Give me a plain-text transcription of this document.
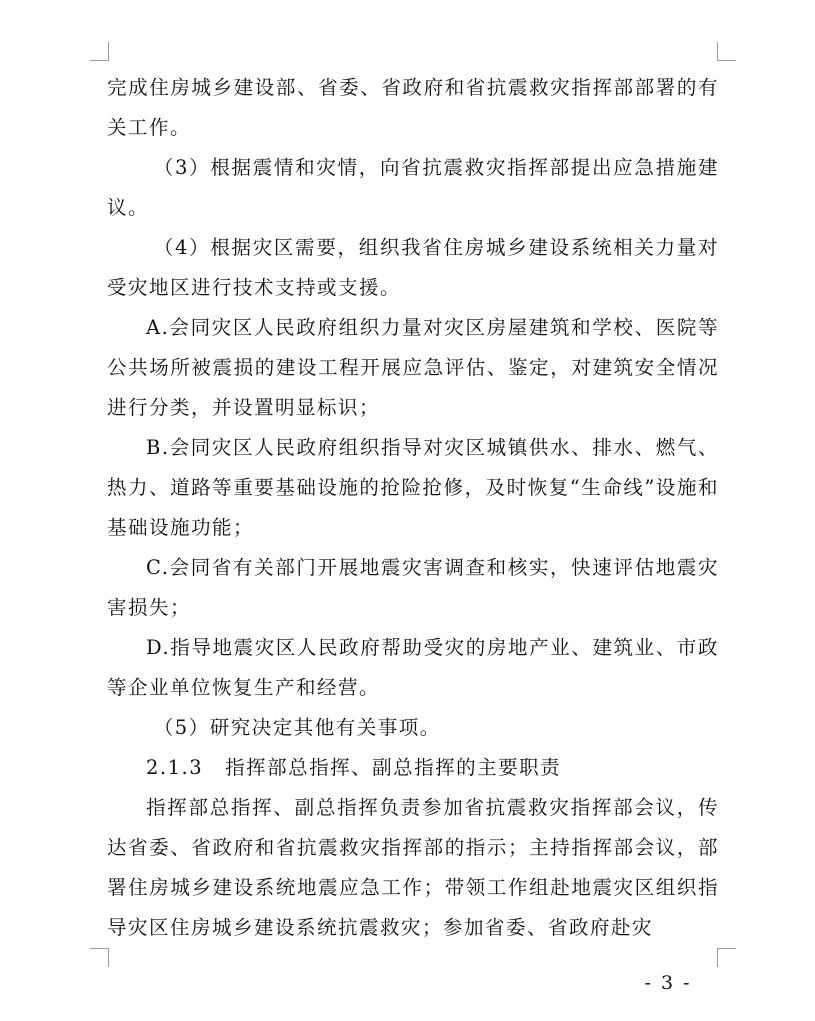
完成住房城乡建设部、省委、省政府和省抗震救灾指挥部部署的有关工作。

（3）根据震情和灾情，向省抗震救灾指挥部提出应急措施建议。

（4）根据灾区需要，组织我省住房城乡建设系统相关力量对受灾地区进行技术支持或支援。

A.会同灾区人民政府组织力量对灾区房屋建筑和学校、医院等公共场所被震损的建设工程开展应急评估、鉴定，对建筑安全情况进行分类，并设置明显标识；

B.会同灾区人民政府组织指导对灾区城镇供水、排水、燃气、热力、道路等重要基础设施的抢险抢修，及时恢复“生命线”设施和基础设施功能；

C.会同省有关部门开展地震灾害调查和核实，快速评估地震灾害损失；

D.指导地震灾区人民政府帮助受灾的房地产业、建筑业、市政等企业单位恢复生产和经营。

（5）研究决定其他有关事项。

2.1.3 指挥部总指挥、副总指挥的主要职责

指挥部总指挥、副总指挥负责参加省抗震救灾指挥部会议，传达省委、省政府和省抗震救灾指挥部的指示；主持指挥部会议，部署住房城乡建设系统地震应急工作；带领工作组赴地震灾区组织指导灾区住房城乡建设系统抗震救灾；参加省委、省政府赴灾

- 3 -
